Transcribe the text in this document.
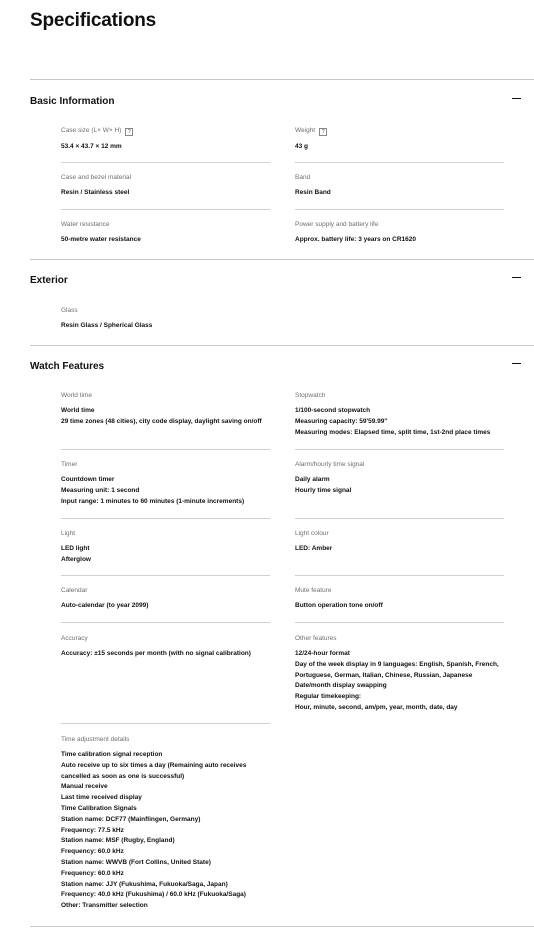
Specifications
Basic Information
Case size (L× W× H) ?
53.4 × 43.7 × 12 mm
Weight ?
43 g
Case and bezel material
Resin / Stainless steel
Band
Resin Band
Water resistance
50-metre water resistance
Power supply and battery life
Approx. battery life: 3 years on CR1620
Exterior
Glass
Resin Glass / Spherical Glass
Watch Features
World time
World time
29 time zones (48 cities), city code display, daylight saving on/off
Stopwatch
1/100-second stopwatch
Measuring capacity: 59'59.99''
Measuring modes: Elapsed time, split time, 1st-2nd place times
Timer
Countdown timer
Measuring unit: 1 second
Input range: 1 minutes to 60 minutes (1-minute increments)
Alarm/hourly time signal
Daily alarm
Hourly time signal
Light
LED light
Afterglow
Light colour
LED: Amber
Calendar
Auto-calendar (to year 2099)
Mute feature
Button operation tone on/off
Accuracy
Accuracy: ±15 seconds per month (with no signal calibration)
Other features
12/24-hour format
Day of the week display in 9 languages: English, Spanish, French,
Portuguese, German, Italian, Chinese, Russian, Japanese
Date/month display swapping
Regular timekeeping:
Hour, minute, second, am/pm, year, month, date, day
Time adjustment details
Time calibration signal reception
Auto receive up to six times a day (Remaining auto receives
cancelled as soon as one is successful)
Manual receive
Last time received display
Time Calibration Signals
Station name: DCF77 (Mainflingen, Germany)
Frequency: 77.5 kHz
Station name: MSF (Rugby, England)
Frequency: 60.0 kHz
Station name: WWVB (Fort Collins, United State)
Frequency: 60.0 kHz
Station name: JJY (Fukushima, Fukuoka/Saga, Japan)
Frequency: 40.0 kHz (Fukushima) / 60.0 kHz (Fukuoka/Saga)
Other: Transmitter selection
